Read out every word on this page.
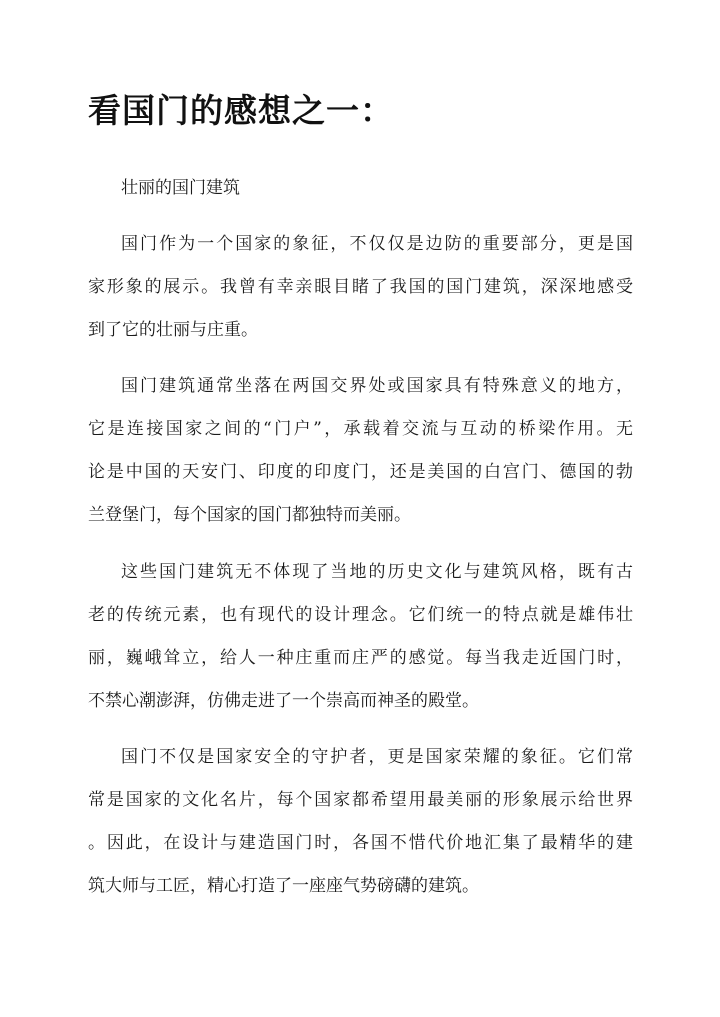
看国门的感想之一：

壮丽的国门建筑

国门作为一个国家的象征，不仅仅是边防的重要部分，更是国

家形象的展示。我曾有幸亲眼目睹了我国的国门建筑，深深地感受

到了它的壮丽与庄重。

国门建筑通常坐落在两国交界处或国家具有特殊意义的地方，

它是连接国家之间的“门户”，承载着交流与互动的桥梁作用。无

论是中国的天安门、印度的印度门，还是美国的白宫门、德国的勃

兰登堡门，每个国家的国门都独特而美丽。

这些国门建筑无不体现了当地的历史文化与建筑风格，既有古

老的传统元素，也有现代的设计理念。它们统一的特点就是雄伟壮

丽，巍峨耸立，给人一种庄重而庄严的感觉。每当我走近国门时，

不禁心潮澎湃，仿佛走进了一个崇高而神圣的殿堂。

国门不仅是国家安全的守护者，更是国家荣耀的象征。它们常

常是国家的文化名片，每个国家都希望用最美丽的形象展示给世界

。因此，在设计与建造国门时，各国不惜代价地汇集了最精华的建

筑大师与工匠，精心打造了一座座气势磅礴的建筑。
